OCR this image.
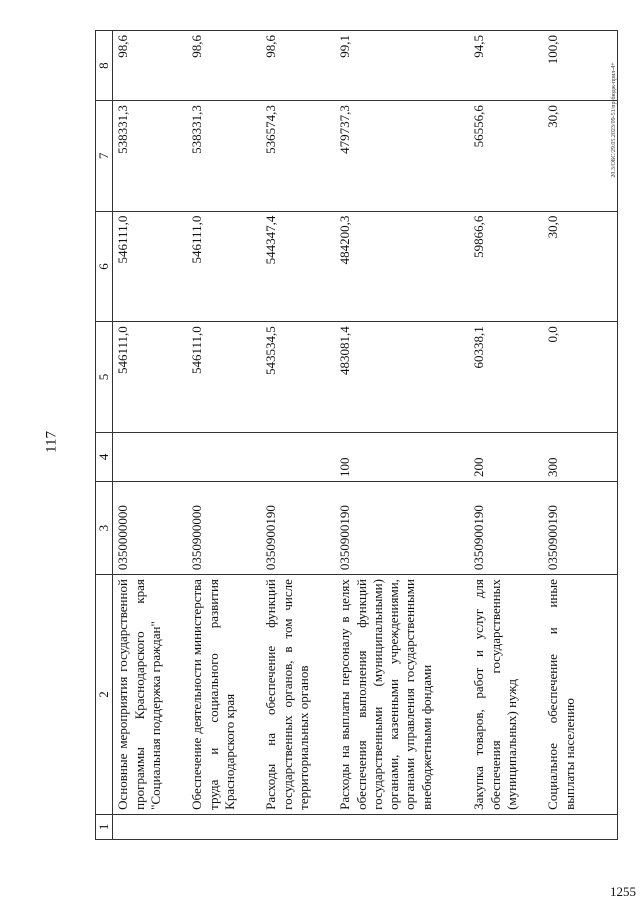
117
20.3/ОБС/29.05.2023/09-51/пр-бюдж-прил-4+
1255
1	2	3	4	5	6	7	8
	Основные мероприятия государственной программы Краснодарского края "Социальная поддержка граждан"	0350000000		546111,0	546111,0	538331,3	98,6
	Обеспечение деятельности министерства труда и социального развития Краснодарского края	0350900000		546111,0	546111,0	538331,3	98,6
	Расходы на обеспечение функций государственных органов, в том числе территориальных органов	0350900190		543534,5	544347,4	536574,3	98,6
	Расходы на выплаты персоналу в целях обеспечения выполнения функций государственными (муниципальными) органами, казенными учреждениями, органами управления государственными внебюджетными фондами	0350900190	100	483081,4	484200,3	479737,3	99,1
	Закупка товаров, работ и услуг для обеспечения государственных (муниципальных) нужд	0350900190	200	60338,1	59866,6	56556,6	94,5
	Социальное обеспечение и иные выплаты населению	0350900190	300	0,0	30,0	30,0	100,0
